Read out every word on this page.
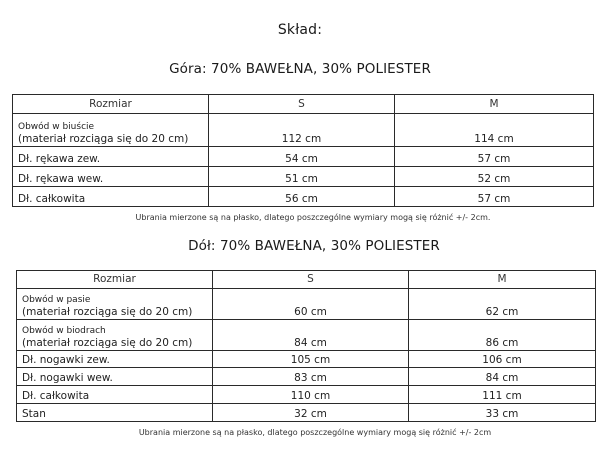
Skład:
Góra: 70% BAWEŁNA, 30% POLIESTER
Rozmiar	S	M

Obwód w biuście
(materiał rozciąga się do 20 cm)	112 cm	114 cm
Dł. rękawa zew.	54 cm	57 cm
Dł. rękawa wew.	51 cm	52 cm
Dł. całkowita	56 cm	57 cm
Ubrania mierzone są na płasko, dlatego poszczególne wymiary mogą się różnić +/- 2cm.
Dół: 70% BAWEŁNA, 30% POLIESTER
Rozmiar	S	M

Obwód w pasie
(materiał rozciąga się do 20 cm)	60 cm	62 cm

Obwód w biodrach
(materiał rozciąga się do 20 cm)	84 cm	86 cm
Dł. nogawki zew.	105 cm	106 cm
Dł. nogawki wew.	83 cm	84 cm
Dł. całkowita	110 cm	111 cm
Stan	32 cm	33 cm
Ubrania mierzone są na płasko, dlatego poszczególne wymiary mogą się różnić +/- 2cm
